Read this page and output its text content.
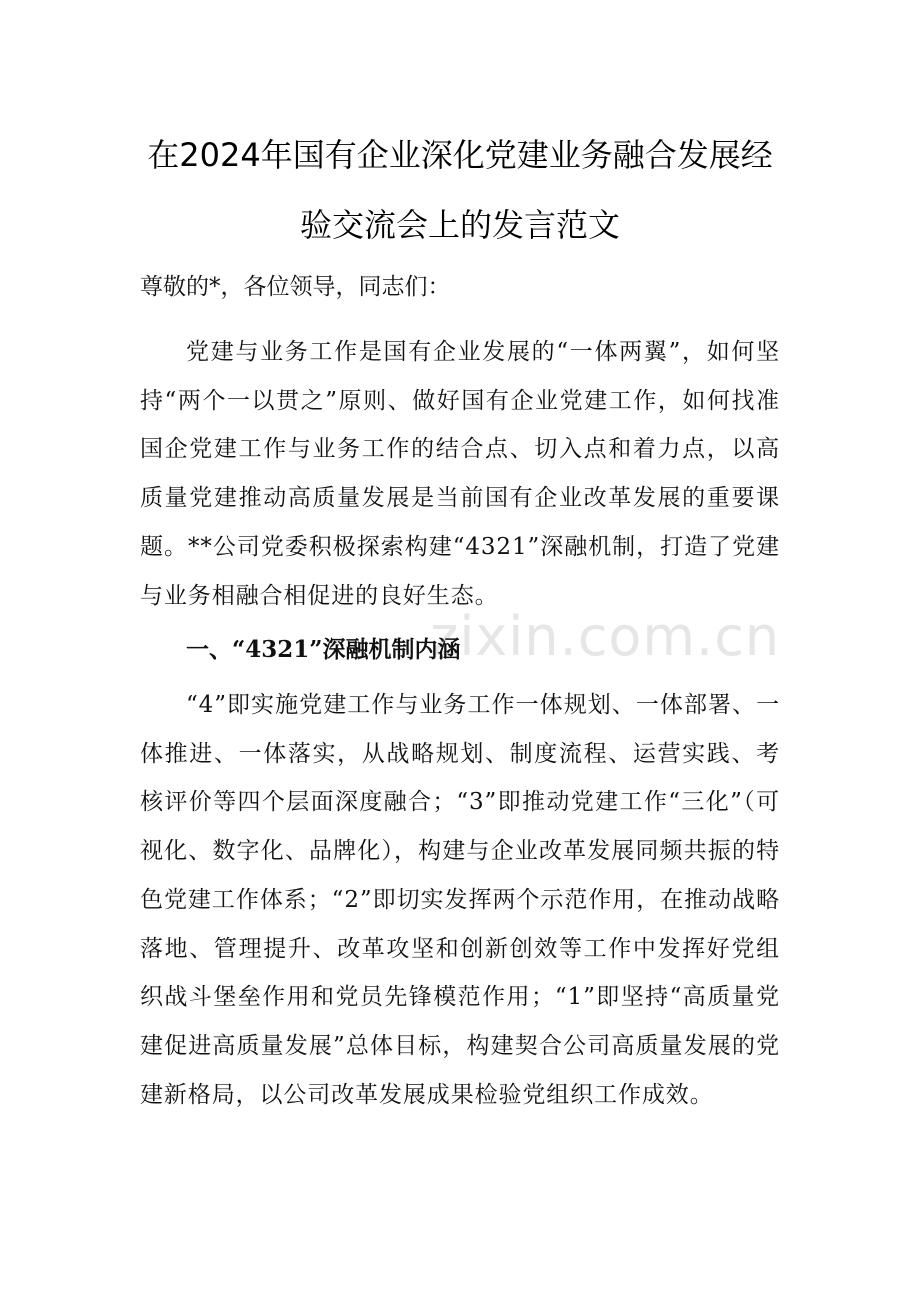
zixin.com.cn
在2024年国有企业深化党建业务融合发展经
验交流会上的发言范文

尊敬的*，各位领导，同志们：

党建与业务工作是国有企业发展的“一体两翼”，如何坚持“两个一以贯之”原则、做好国有企业党建工作，如何找准国企党建工作与业务工作的结合点、切入点和着力点，以高质量党建推动高质量发展是当前国有企业改革发展的重要课题。**公司党委积极探索构建“4321”深融机制，打造了党建与业务相融合相促进的良好生态。

一、“4321”深融机制内涵

“4”即实施党建工作与业务工作一体规划、一体部署、一体推进、一体落实，从战略规划、制度流程、运营实践、考核评价等四个层面深度融合；“3”即推动党建工作“三化”（可视化、数字化、品牌化），构建与企业改革发展同频共振的特色党建工作体系；“2”即切实发挥两个示范作用，在推动战略落地、管理提升、改革攻坚和创新创效等工作中发挥好党组织战斗堡垒作用和党员先锋模范作用；“1”即坚持“高质量党建促进高质量发展”总体目标，构建契合公司高质量发展的党建新格局，以公司改革发展成果检验党组织工作成效。
